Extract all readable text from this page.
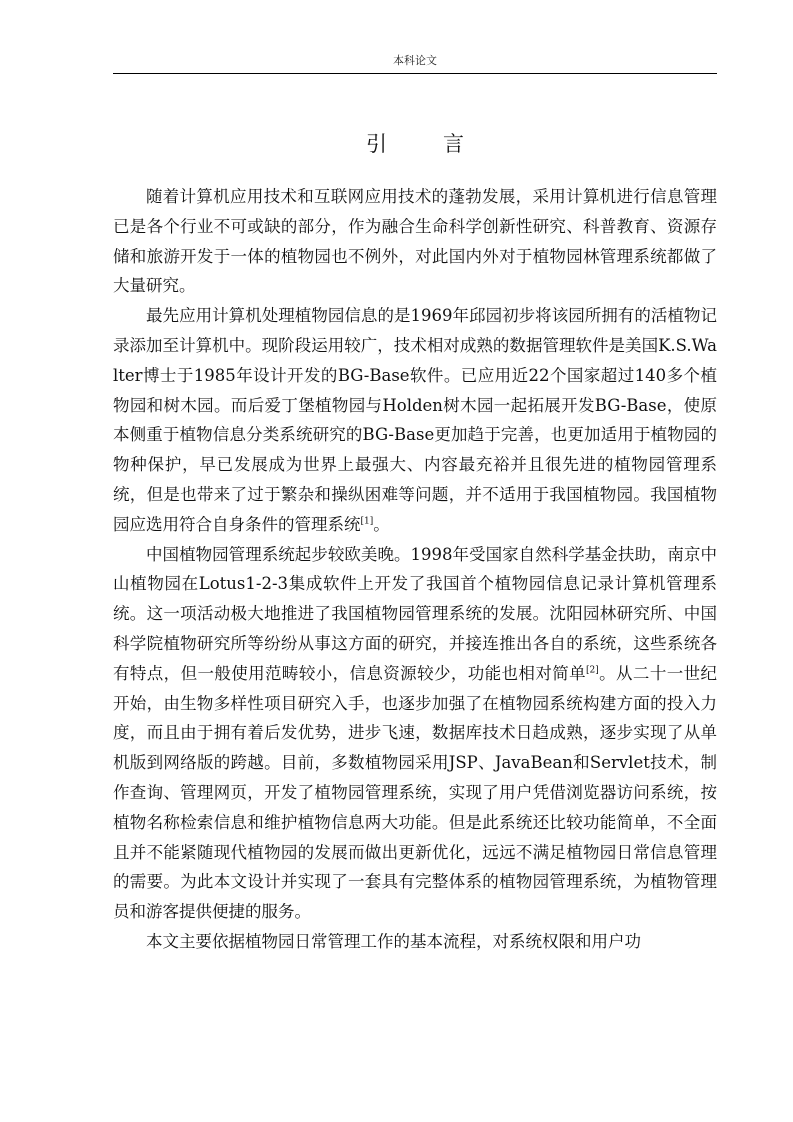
本科论文
引	言

随着计算机应用技术和互联网应用技术的蓬勃发展，采用计算机进行信息管理已是各个行业不可或缺的部分，作为融合生命科学创新性研究、科普教育、资源存储和旅游开发于一体的植物园也不例外，对此国内外对于植物园林管理系统都做了大量研究。

最先应用计算机处理植物园信息的是1969年邱园初步将该园所拥有的活植物记录添加至计算机中。现阶段运用较广，技术相对成熟的数据管理软件是美国K.S.Walter博士于1985年设计开发的BG-Base软件。已应用近22个国家超过140多个植物园和树木园。而后爱丁堡植物园与Holden树木园一起拓展开发BG-Base，使原本侧重于植物信息分类系统研究的BG-Base更加趋于完善，也更加适用于植物园的物种保护，早已发展成为世界上最强大、内容最充裕并且很先进的植物园管理系统，但是也带来了过于繁杂和操纵困难等问题，并不适用于我国植物园。我国植物园应选用符合自身条件的管理系统[1]。

中国植物园管理系统起步较欧美晚。1998年受国家自然科学基金扶助，南京中山植物园在Lotus1-2-3集成软件上开发了我国首个植物园信息记录计算机管理系统。这一项活动极大地推进了我国植物园管理系统的发展。沈阳园林研究所、中国科学院植物研究所等纷纷从事这方面的研究，并接连推出各自的系统，这些系统各有特点，但一般使用范畴较小，信息资源较少，功能也相对简单[2]。从二十一世纪开始，由生物多样性项目研究入手，也逐步加强了在植物园系统构建方面的投入力度，而且由于拥有着后发优势，进步飞速，数据库技术日趋成熟，逐步实现了从单机版到网络版的跨越。目前，多数植物园采用JSP、JavaBean和Servlet技术，制作查询、管理网页，开发了植物园管理系统，实现了用户凭借浏览器访问系统，按植物名称检索信息和维护植物信息两大功能。但是此系统还比较功能简单，不全面且并不能紧随现代植物园的发展而做出更新优化，远远不满足植物园日常信息管理的需要。为此本文设计并实现了一套具有完整体系的植物园管理系统，为植物管理员和游客提供便捷的服务。

本文主要依据植物园日常管理工作的基本流程，对系统权限和用户功
